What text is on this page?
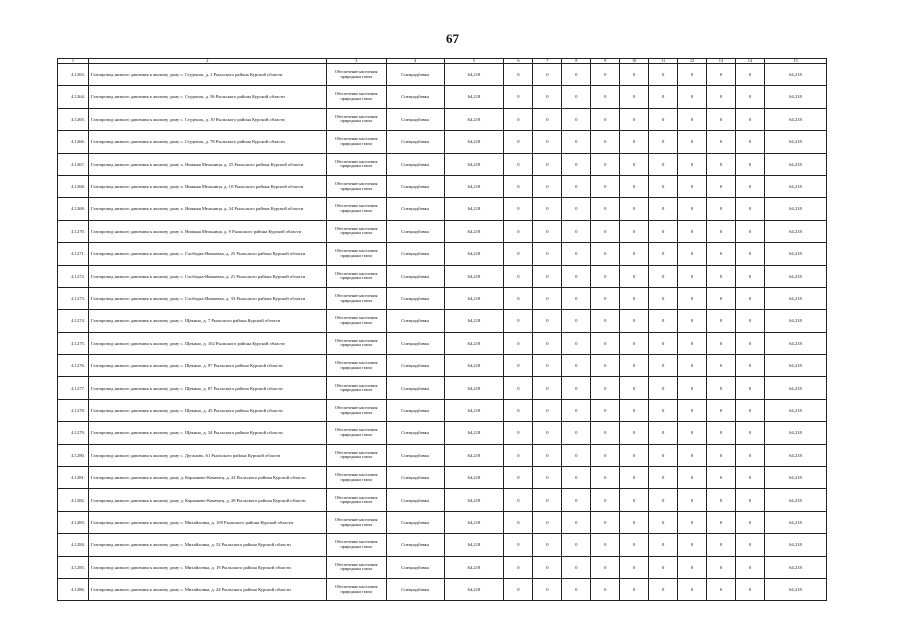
67
1	2	3	4	5	6	7	8	9	10	11	12	13	14	15
4.1263.	Газопровод низкого давления к жилому дому с. Студенок, д. 1 Рыльского района Курской области	Обеспечение населения природным газом	Спецнадбавка	64,218	0	0	0	0	0	0	0	0	0	64,218
4.1264.	Газопровод низкого давления к жилому дому с. Студенок, д. 56 Рыльского района Курской области	Обеспечение населения природным газом	Спецнадбавка	64,218	0	0	0	0	0	0	0	0	0	64,218
4.1265.	Газопровод низкого давления к жилому дому с. Студенок, д. 10 Рыльского района Курской области	Обеспечение населения природным газом	Спецнадбавка	64,218	0	0	0	0	0	0	0	0	0	64,218
4.1266.	Газопровод низкого давления к жилому дому с. Студенок, д. 78 Рыльского района Курской области	Обеспечение населения природным газом	Спецнадбавка	64,218	0	0	0	0	0	0	0	0	0	64,218
4.1267.	Газопровод низкого давления к жилому дому х. Нижняя Мельница, д. 25 Рыльского района Курской области	Обеспечение населения природным газом	Спецнадбавка	64,218	0	0	0	0	0	0	0	0	0	64,218
4.1268.	Газопровод низкого давления к жилому дому х. Нижняя Мельница, д. 10 Рыльского района Курской области	Обеспечение населения природным газом	Спецнадбавка	64,218	0	0	0	0	0	0	0	0	0	64,218
4.1269.	Газопровод низкого давления к жилому дому х. Нижняя Мельница, д. 34 Рыльского района Курской области	Обеспечение населения природным газом	Спецнадбавка	64,218	0	0	0	0	0	0	0	0	0	64,218
4.1270.	Газопровод низкого давления к жилому дому х. Нижняя Мельница, д. 9 Рыльского района Курской области	Обеспечение населения природным газом	Спецнадбавка	64,218	0	0	0	0	0	0	0	0	0	64,218
4.1271.	Газопровод низкого давления к жилому дому с. Слободка-Ивановка, д. 25 Рыльского района Курской области	Обеспечение населения природным газом	Спецнадбавка	64,218	0	0	0	0	0	0	0	0	0	64,218
4.1272.	Газопровод низкого давления к жилому дому с. Слободка-Ивановка, д. 21 Рыльского района Курской области	Обеспечение населения природным газом	Спецнадбавка	64,218	0	0	0	0	0	0	0	0	0	64,218
4.1273.	Газопровод низкого давления к жилому дому с. Слободка-Ивановка, д. 33 Рыльского района Курской области	Обеспечение населения природным газом	Спецнадбавка	64,218	0	0	0	0	0	0	0	0	0	64,218
4.1274.	Газопровод низкого давления к жилому дому с. Щекино, д. 7 Рыльского района Курской области	Обеспечение населения природным газом	Спецнадбавка	64,218	0	0	0	0	0	0	0	0	0	64,218
4.1275.	Газопровод низкого давления к жилому дому с. Щекино, д. 102 Рыльского района Курской области	Обеспечение населения природным газом	Спецнадбавка	64,218	0	0	0	0	0	0	0	0	0	64,218
4.1276.	Газопровод низкого давления к жилому дому с. Щекино, д. 97 Рыльского района Курской области	Обеспечение населения природным газом	Спецнадбавка	64,218	0	0	0	0	0	0	0	0	0	64,218
4.1277.	Газопровод низкого давления к жилому дому с. Щекино, д. 87 Рыльского района Курской области	Обеспечение населения природным газом	Спецнадбавка	64,218	0	0	0	0	0	0	0	0	0	64,218
4.1278.	Газопровод низкого давления к жилому дому с. Щекино, д. 45 Рыльского района Курской области	Обеспечение населения природным газом	Спецнадбавка	64,218	0	0	0	0	0	0	0	0	0	64,218
4.1279.	Газопровод низкого давления к жилому дому с. Щекино, д. 34 Рыльского района Курской области	Обеспечение населения природным газом	Спецнадбавка	64,218	0	0	0	0	0	0	0	0	0	64,218
4.1280.	Газопровод низкого давления к жилому дому с. Дуганово, 61 Рыльского района Курской области	Обеспечение населения природным газом	Спецнадбавка	64,218	0	0	0	0	0	0	0	0	0	64,218
4.1281.	Газопровод низкого давления к жилому дому д. Карышево-Каменец, д. 24 Рыльского района Курской области	Обеспечение населения природным газом	Спецнадбавка	64,218	0	0	0	0	0	0	0	0	0	64,218
4.1282.	Газопровод низкого давления к жилому дому д. Карышево-Каменец, д. 28 Рыльского района Курской области	Обеспечение населения природным газом	Спецнадбавка	64,218	0	0	0	0	0	0	0	0	0	64,218
4.1283.	Газопровод низкого давления к жилому дому с. Михайловка, д. 109 Рыльского района Курской области	Обеспечение населения природным газом	Спецнадбавка	64,218	0	0	0	0	0	0	0	0	0	64,218
4.1284.	Газопровод низкого давления к жилому дому с. Михайловка, д. 52 Рыльского района Курской области	Обеспечение населения природным газом	Спецнадбавка	64,218	0	0	0	0	0	0	0	0	0	64,218
4.1285.	Газопровод низкого давления к жилому дому с. Михайловка, д. 19 Рыльского района Курской области	Обеспечение населения природным газом	Спецнадбавка	64,218	0	0	0	0	0	0	0	0	0	64,218
4.1286.	Газопровод низкого давления к жилому дому с. Михайловка, д. 24 Рыльского района Курской области	Обеспечение населения природным газом	Спецнадбавка	64,218	0	0	0	0	0	0	0	0	0	64,218
